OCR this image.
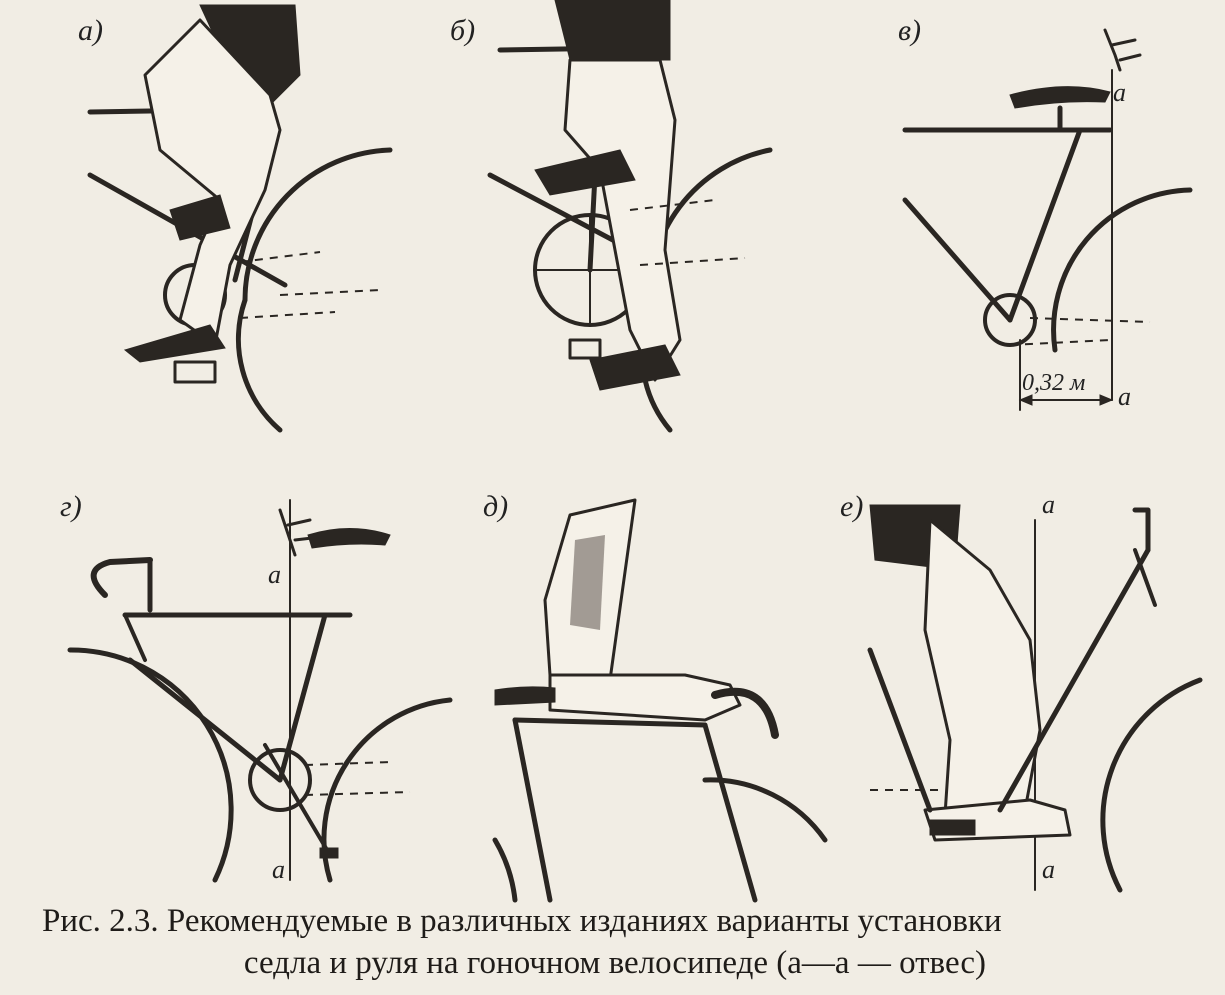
а)	б)	в)
а
а
0,32 м
г)
а
а
д)	е)	а
а
Рис. 2.3. Рекомендуемые в различных изданиях варианты установки
седла и руля на гоночном велосипеде (а—а — отвес)
